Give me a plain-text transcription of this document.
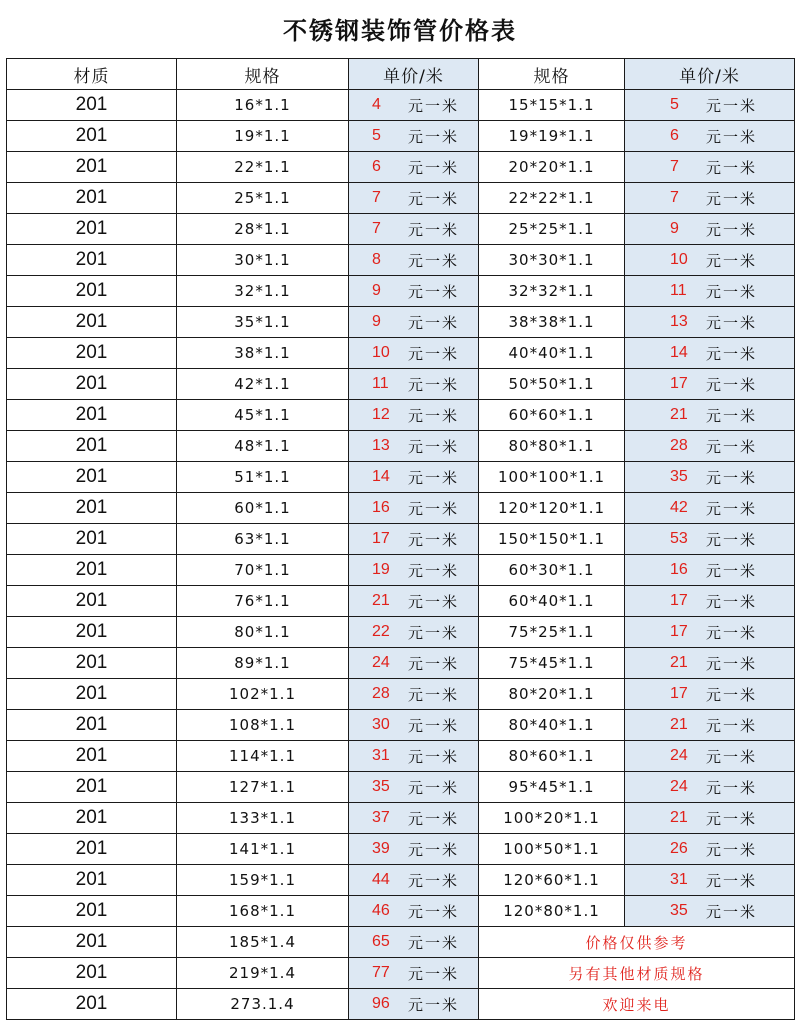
不锈钢装饰管价格表
材质	规格	单价/米	规格	单价/米
201	16*1.1	4 元一米	15*15*1.1	5 元一米

201	19*1.1	5 元一米	19*19*1.1	6 元一米

201	22*1.1	6 元一米	20*20*1.1	7 元一米

201	25*1.1	7 元一米	22*22*1.1	7 元一米

201	28*1.1	7 元一米	25*25*1.1	9 元一米

201	30*1.1	8 元一米	30*30*1.1	10 元一米

201	32*1.1	9 元一米	32*32*1.1	11 元一米

201	35*1.1	9 元一米	38*38*1.1	13 元一米

201	38*1.1	10 元一米	40*40*1.1	14 元一米

201	42*1.1	11 元一米	50*50*1.1	17 元一米

201	45*1.1	12 元一米	60*60*1.1	21 元一米

201	48*1.1	13 元一米	80*80*1.1	28 元一米

201	51*1.1	14 元一米	100*100*1.1	35 元一米

201	60*1.1	16 元一米	120*120*1.1	42 元一米

201	63*1.1	17 元一米	150*150*1.1	53 元一米

201	70*1.1	19 元一米	60*30*1.1	16 元一米

201	76*1.1	21 元一米	60*40*1.1	17 元一米

201	80*1.1	22 元一米	75*25*1.1	17 元一米

201	89*1.1	24 元一米	75*45*1.1	21 元一米

201	102*1.1	28 元一米	80*20*1.1	17 元一米

201	108*1.1	30 元一米	80*40*1.1	21 元一米

201	114*1.1	31 元一米	80*60*1.1	24 元一米

201	127*1.1	35 元一米	95*45*1.1	24 元一米

201	133*1.1	37 元一米	100*20*1.1	21 元一米

201	141*1.1	39 元一米	100*50*1.1	26 元一米

201	159*1.1	44 元一米	120*60*1.1	31 元一米

201	168*1.1	46 元一米	120*80*1.1	35 元一米

201	185*1.4	65 元一米	价格仅供参考	
201	219*1.4	77 元一米	另有其他材质规格	
201	273.1.4	96 元一米	欢迎来电	
